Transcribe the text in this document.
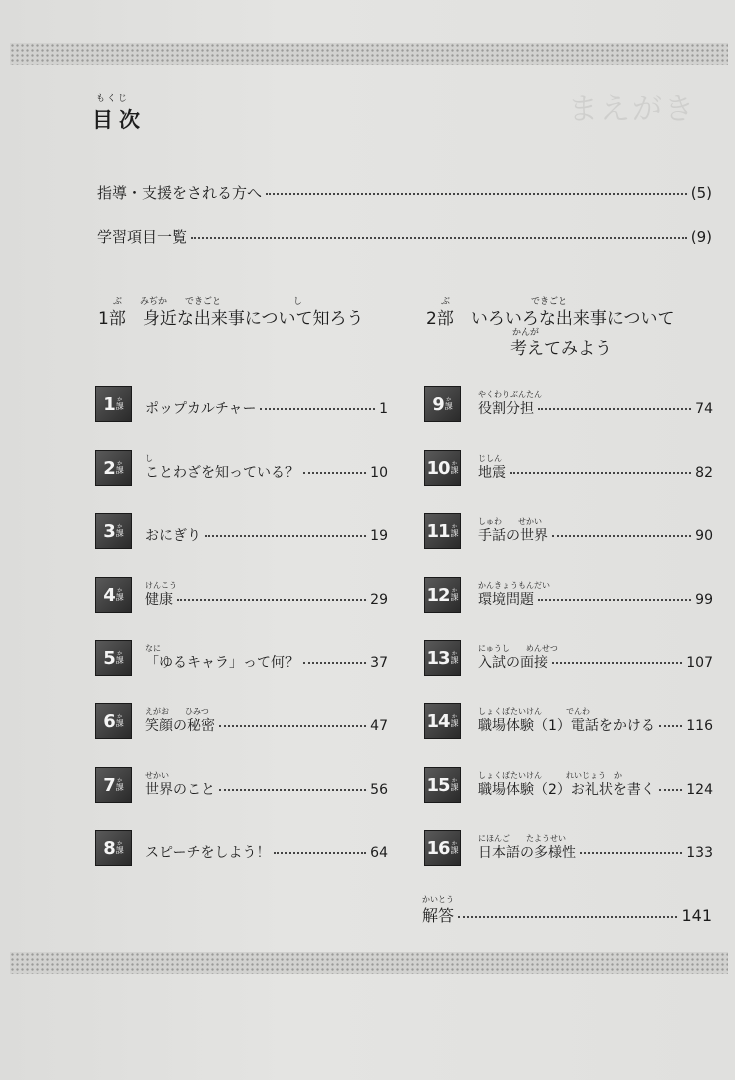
まえがき
もくじ
目次
指導・支援をされる方へ	(5)
学習項目一覧	(9)
ぶ　　みぢか　　できごと　　　　　　　　し
1部　身近な出来事について知ろう
ぶ　　　　　　　　　できごと
2部　いろいろな出来事について
かんが
考えてみよう
1 か
課 ポップカルチャー	1
2 か
課
し
ことわざを知っている？	10
3 か
課 おにぎり	19
4 か
課
けんこう
健康	29
5 か
課
なに
「ゆるキャラ」って何？	37
6 か
課
えがお　　ひみつ
笑顔の秘密	47
7 か
課
せかい
世界のこと	56
8 か
課 スピーチをしよう！	64
9 か
課
やくわりぶんたん
役割分担	74
10 か
課
じしん
地震	82
11 か
課
しゅわ　　せかい
手話の世界	90
12 か
課
かんきょうもんだい
環境問題	99
13 か
課
にゅうし　　めんせつ
入試の面接	107
14 か
課
しょくばたいけん　　　でんわ
職場体験（1）電話をかける 116
15 か
課
しょくばたいけん　　　れいじょう　か
職場体験（2）お礼状を書く 124
16 か
課
にほんご　　たようせい
日本語の多様性	133
かいとう
解答	141
